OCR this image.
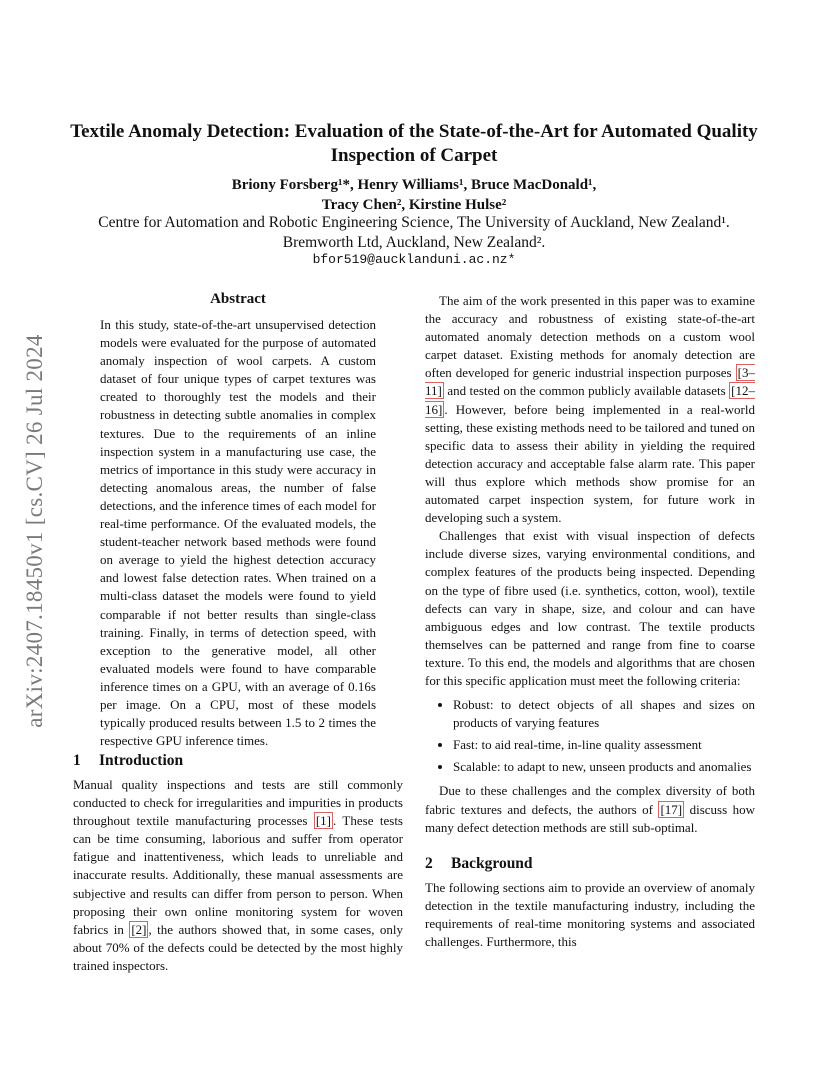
Textile Anomaly Detection: Evaluation of the State-of-the-Art for Automated Quality Inspection of Carpet
Briony Forsberg¹*, Henry Williams¹, Bruce MacDonald¹,
Tracy Chen², Kirstine Hulse²
Centre for Automation and Robotic Engineering Science, The University of Auckland, New Zealand¹.
Bremworth Ltd, Auckland, New Zealand².
bfor519@aucklanduni.ac.nz*
arXiv:2407.18450v1 [cs.CV] 26 Jul 2024
Abstract
In this study, state-of-the-art unsupervised detection models were evaluated for the purpose of automated anomaly inspection of wool carpets. A custom dataset of four unique types of carpet textures was created to thoroughly test the models and their robustness in detecting subtle anomalies in complex textures. Due to the requirements of an inline inspection system in a manufacturing use case, the metrics of importance in this study were accuracy in detecting anomalous areas, the number of false detections, and the inference times of each model for real-time performance. Of the evaluated models, the student-teacher network based methods were found on average to yield the highest detection accuracy and lowest false detection rates. When trained on a multi-class dataset the models were found to yield comparable if not better results than single-class training. Finally, in terms of detection speed, with exception to the generative model, all other evaluated models were found to have comparable inference times on a GPU, with an average of 0.16s per image. On a CPU, most of these models typically produced results between 1.5 to 2 times the respective GPU inference times.
1 Introduction

Manual quality inspections and tests are still commonly conducted to check for irregularities and impurities in products throughout textile manufacturing processes [1] . These tests can be time consuming, laborious and suffer from operator fatigue and inattentiveness, which leads to unreliable and inaccurate results. Additionally, these manual assessments are subjective and results can differ from person to person. When proposing their own online monitoring system for woven fabrics in [2] , the authors showed that, in some cases, only about 70% of the defects could be detected by the most highly trained inspectors.

The aim of the work presented in this paper was to examine the accuracy and robustness of existing state-of-the-art automated anomaly detection methods on a custom wool carpet dataset. Existing methods for anomaly detection are often developed for generic industrial inspection purposes [3–11] and tested on the common publicly available datasets [12–16] . However, before being implemented in a real-world setting, these existing methods need to be tailored and tuned on specific data to assess their ability in yielding the required detection accuracy and acceptable false alarm rate. This paper will thus explore which methods show promise for an automated carpet inspection system, for future work in developing such a system.

Challenges that exist with visual inspection of defects include diverse sizes, varying environmental conditions, and complex features of the products being inspected. Depending on the type of fibre used (i.e. synthetics, cotton, wool), textile defects can vary in shape, size, and colour and can have ambiguous edges and low contrast. The textile products themselves can be patterned and range from fine to coarse texture. To this end, the models and algorithms that are chosen for this specific application must meet the following criteria:

• Robust: to detect objects of all shapes and sizes on products of varying features
• Fast: to aid real-time, in-line quality assessment
• Scalable: to adapt to new, unseen products and anomalies

Due to these challenges and the complex diversity of both fabric textures and defects, the authors of [17] discuss how many defect detection methods are still sub-optimal.

2 Background

The following sections aim to provide an overview of anomaly detection in the textile manufacturing industry, including the requirements of real-time monitoring systems and associated challenges. Furthermore, this
